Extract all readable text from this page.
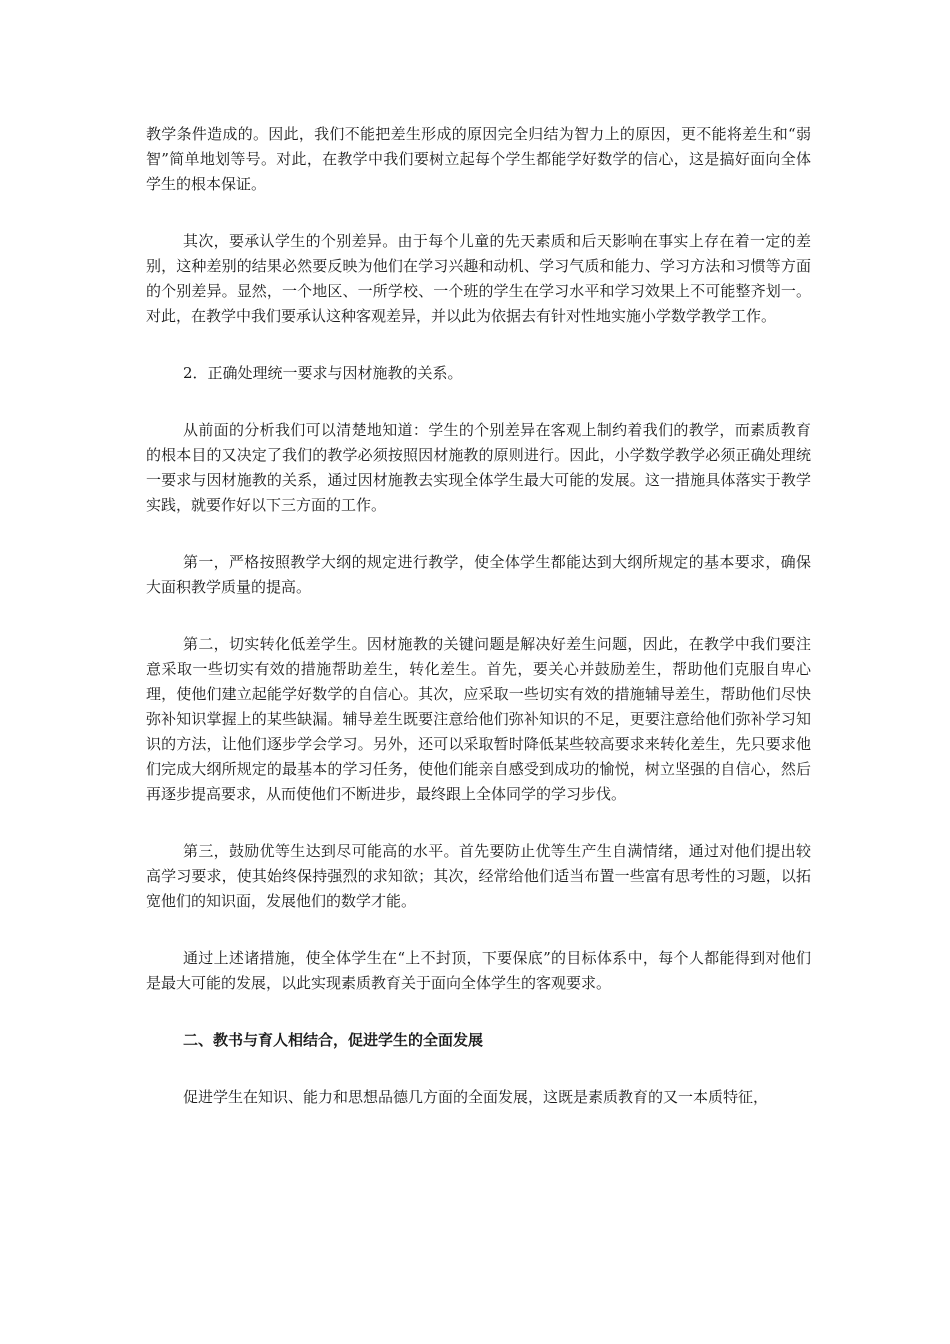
教学条件造成的。因此，我们不能把差生形成的原因完全归结为智力上的原因，更不能将差生和“弱智”简单地划等号。对此，在教学中我们要树立起每个学生都能学好数学的信心，这是搞好面向全体学生的根本保证。

其次，要承认学生的个别差异。由于每个儿童的先天素质和后天影响在事实上存在着一定的差别，这种差别的结果必然要反映为他们在学习兴趣和动机、学习气质和能力、学习方法和习惯等方面的个别差异。显然，一个地区、一所学校、一个班的学生在学习水平和学习效果上不可能整齐划一。对此，在教学中我们要承认这种客观差异，并以此为依据去有针对性地实施小学数学教学工作。

2．正确处理统一要求与因材施教的关系。

从前面的分析我们可以清楚地知道：学生的个别差异在客观上制约着我们的教学，而素质教育的根本目的又决定了我们的教学必须按照因材施教的原则进行。因此，小学数学教学必须正确处理统一要求与因材施教的关系，通过因材施教去实现全体学生最大可能的发展。这一措施具体落实于教学实践，就要作好以下三方面的工作。

第一，严格按照教学大纲的规定进行教学，使全体学生都能达到大纲所规定的基本要求，确保大面积教学质量的提高。

第二，切实转化低差学生。因材施教的关键问题是解决好差生问题，因此，在教学中我们要注意采取一些切实有效的措施帮助差生，转化差生。首先，要关心并鼓励差生，帮助他们克服自卑心理，使他们建立起能学好数学的自信心。其次，应采取一些切实有效的措施辅导差生，帮助他们尽快弥补知识掌握上的某些缺漏。辅导差生既要注意给他们弥补知识的不足，更要注意给他们弥补学习知识的方法，让他们逐步学会学习。另外，还可以采取暂时降低某些较高要求来转化差生，先只要求他们完成大纲所规定的最基本的学习任务，使他们能亲自感受到成功的愉悦，树立坚强的自信心，然后再逐步提高要求，从而使他们不断进步，最终跟上全体同学的学习步伐。

第三，鼓励优等生达到尽可能高的水平。首先要防止优等生产生自满情绪，通过对他们提出较高学习要求，使其始终保持强烈的求知欲；其次，经常给他们适当布置一些富有思考性的习题，以拓宽他们的知识面，发展他们的数学才能。

通过上述诸措施，使全体学生在“上不封顶，下要保底”的目标体系中，每个人都能得到对他们是最大可能的发展，以此实现素质教育关于面向全体学生的客观要求。

二、教书与育人相结合，促进学生的全面发展

促进学生在知识、能力和思想品德几方面的全面发展，这既是素质教育的又一本质特征，
